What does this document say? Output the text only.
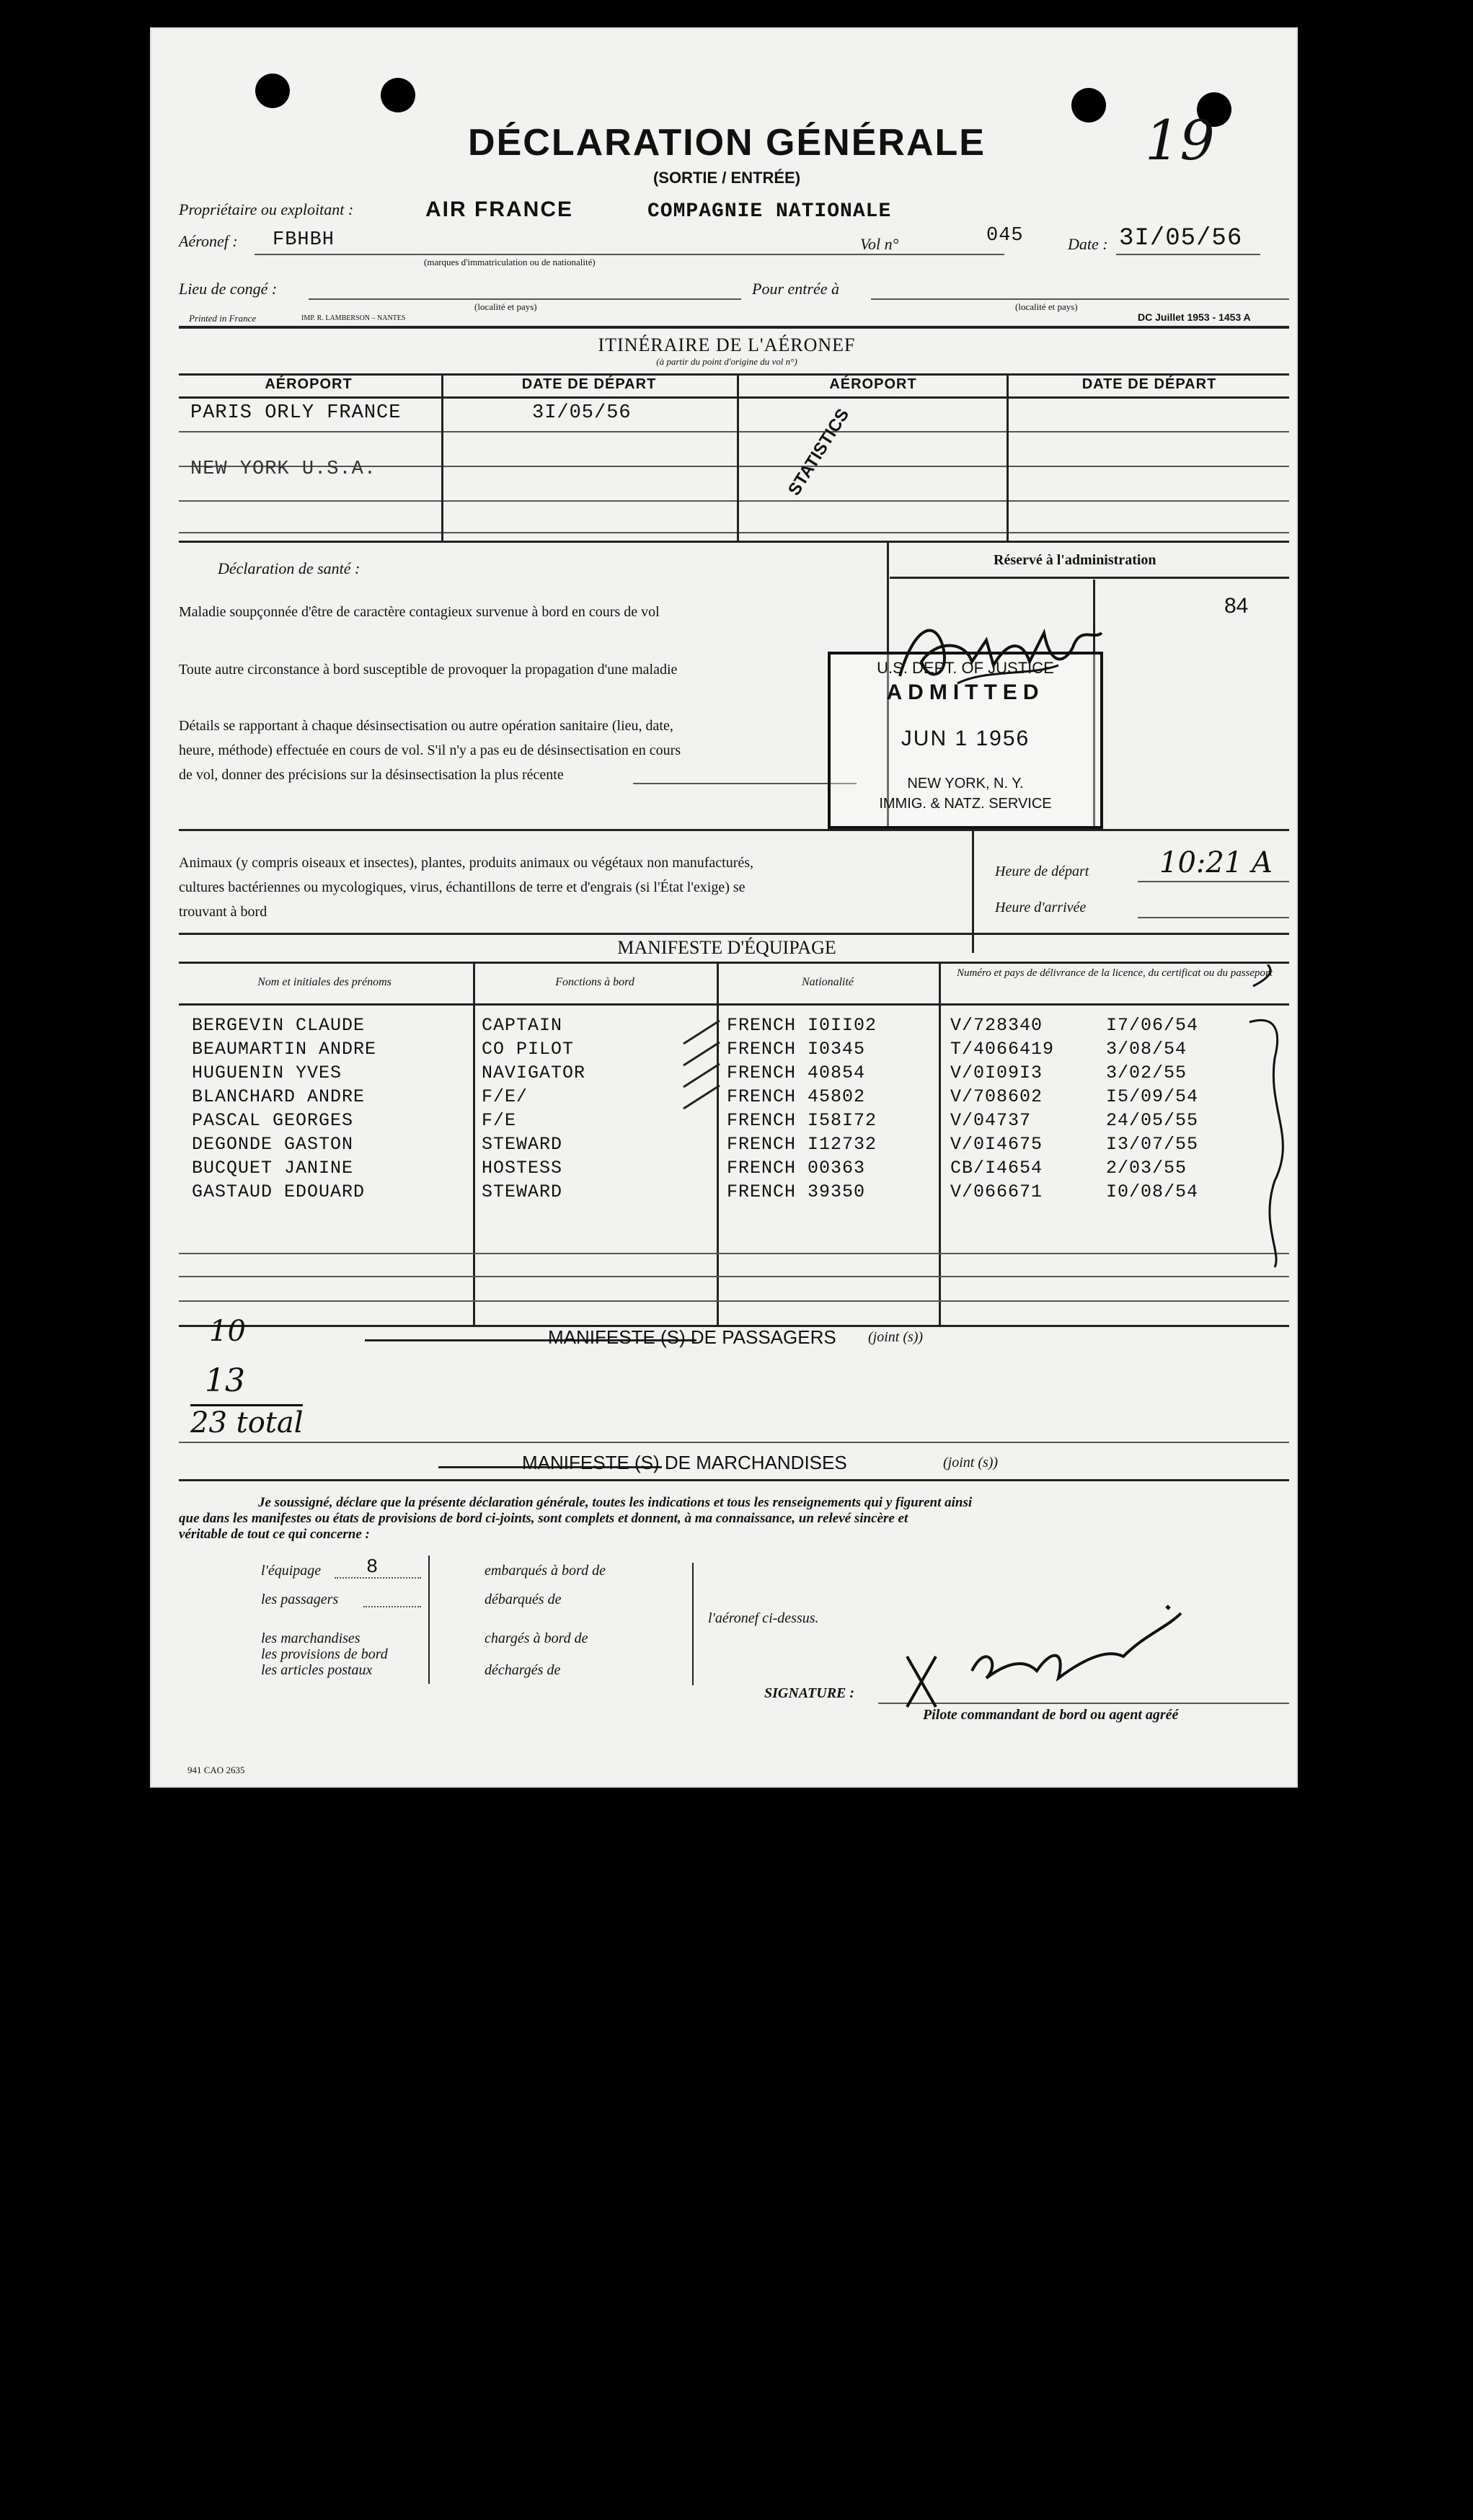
19
DÉCLARATION GÉNÉRALE
(SORTIE / ENTRÉE)
Propriétaire ou exploitant :	AIR FRANCE	COMPAGNIE NATIONALE
Aéronef : FBHBH
(marques d'immatriculation ou de nationalité)
Vol n°	045	Date : 3I/05/56
Lieu de congé :
(localité et pays)
Pour entrée à
(localité et pays)
Printed in France	IMP. R. LAMBERSON – NANTES	DC Juillet 1953 - 1453 A
ITINÉRAIRE DE L'AÉRONEF
(à partir du point d'origine du vol n°)
AÉROPORT	DATE DE DÉPART	AÉROPORT	DATE DE DÉPART
PARIS ORLY FRANCE	3I/05/56
NEW YORK U.S.A.	STATISTICS
Déclaration de santé :
Maladie soupçonnée d'être de caractère contagieux survenue à bord en cours de vol
Toute autre circonstance à bord susceptible de provoquer la propagation d'une maladie
Détails se rapportant à chaque désinsectisation ou autre opération sanitaire (lieu, date,
heure, méthode) effectuée en cours de vol. S'il n'y a pas eu de désinsectisation en cours
de vol, donner des précisions sur la désinsectisation la plus récente
Réservé à l'administration
84
U.S. DEPT. OF JUSTICE
ADMITTED
JUN 1 1956
NEW YORK, N. Y.
IMMIG. & NATZ. SERVICE
Animaux (y compris oiseaux et insectes), plantes, produits animaux ou végétaux non manufacturés,
cultures bactériennes ou mycologiques, virus, échantillons de terre et d'engrais (si l'État l'exige) se
trouvant à bord
Heure de départ 10:21 A
Heure d'arrivée
MANIFESTE D'ÉQUIPAGE
Nom et initiales des prénoms	Fonctions à bord	Nationalité
Numéro et pays de délivrance de la licence, du certificat ou du passeport
BERGEVIN CLAUDE	CAPTAIN	FRENCH I0II02	V/728340	I7/06/54
BEAUMARTIN ANDRE	CO PILOT	FRENCH I0345	T/4066419	3/08/54
HUGUENIN YVES	NAVIGATOR	FRENCH 40854	V/0I09I3	3/02/55
BLANCHARD ANDRE	F/E/	FRENCH 45802	V/708602	I5/09/54
PASCAL GEORGES	F/E	FRENCH I58I72	V/04737	24/05/55
DEGONDE GASTON	STEWARD	FRENCH I12732	V/0I4675	I3/07/55
BUCQUET JANINE	HOSTESS	FRENCH 00363	CB/I4654	2/03/55
GASTAUD EDOUARD	STEWARD	FRENCH 39350	V/066671	I0/08/54
MANIFESTE (S) DE PASSAGERS (joint (s))
10
13
23 total
MANIFESTE (S) DE MARCHANDISES	(joint (s))
Je soussigné, déclare que la présente déclaration générale, toutes les indications et tous les renseignements qui y figurent ainsi
que dans les manifestes ou états de provisions de bord ci-joints, sont complets et donnent, à ma connaissance, un relevé sincère et
véritable de tout ce qui concerne :
l'équipage 8
les passagers
les marchandises
les provisions de bord
les articles postaux
embarqués à bord de
débarqués de
chargés à bord de
déchargés de
l'aéronef ci-dessus.
SIGNATURE :
Pilote commandant de bord ou agent agréé
941 CAO 2635
